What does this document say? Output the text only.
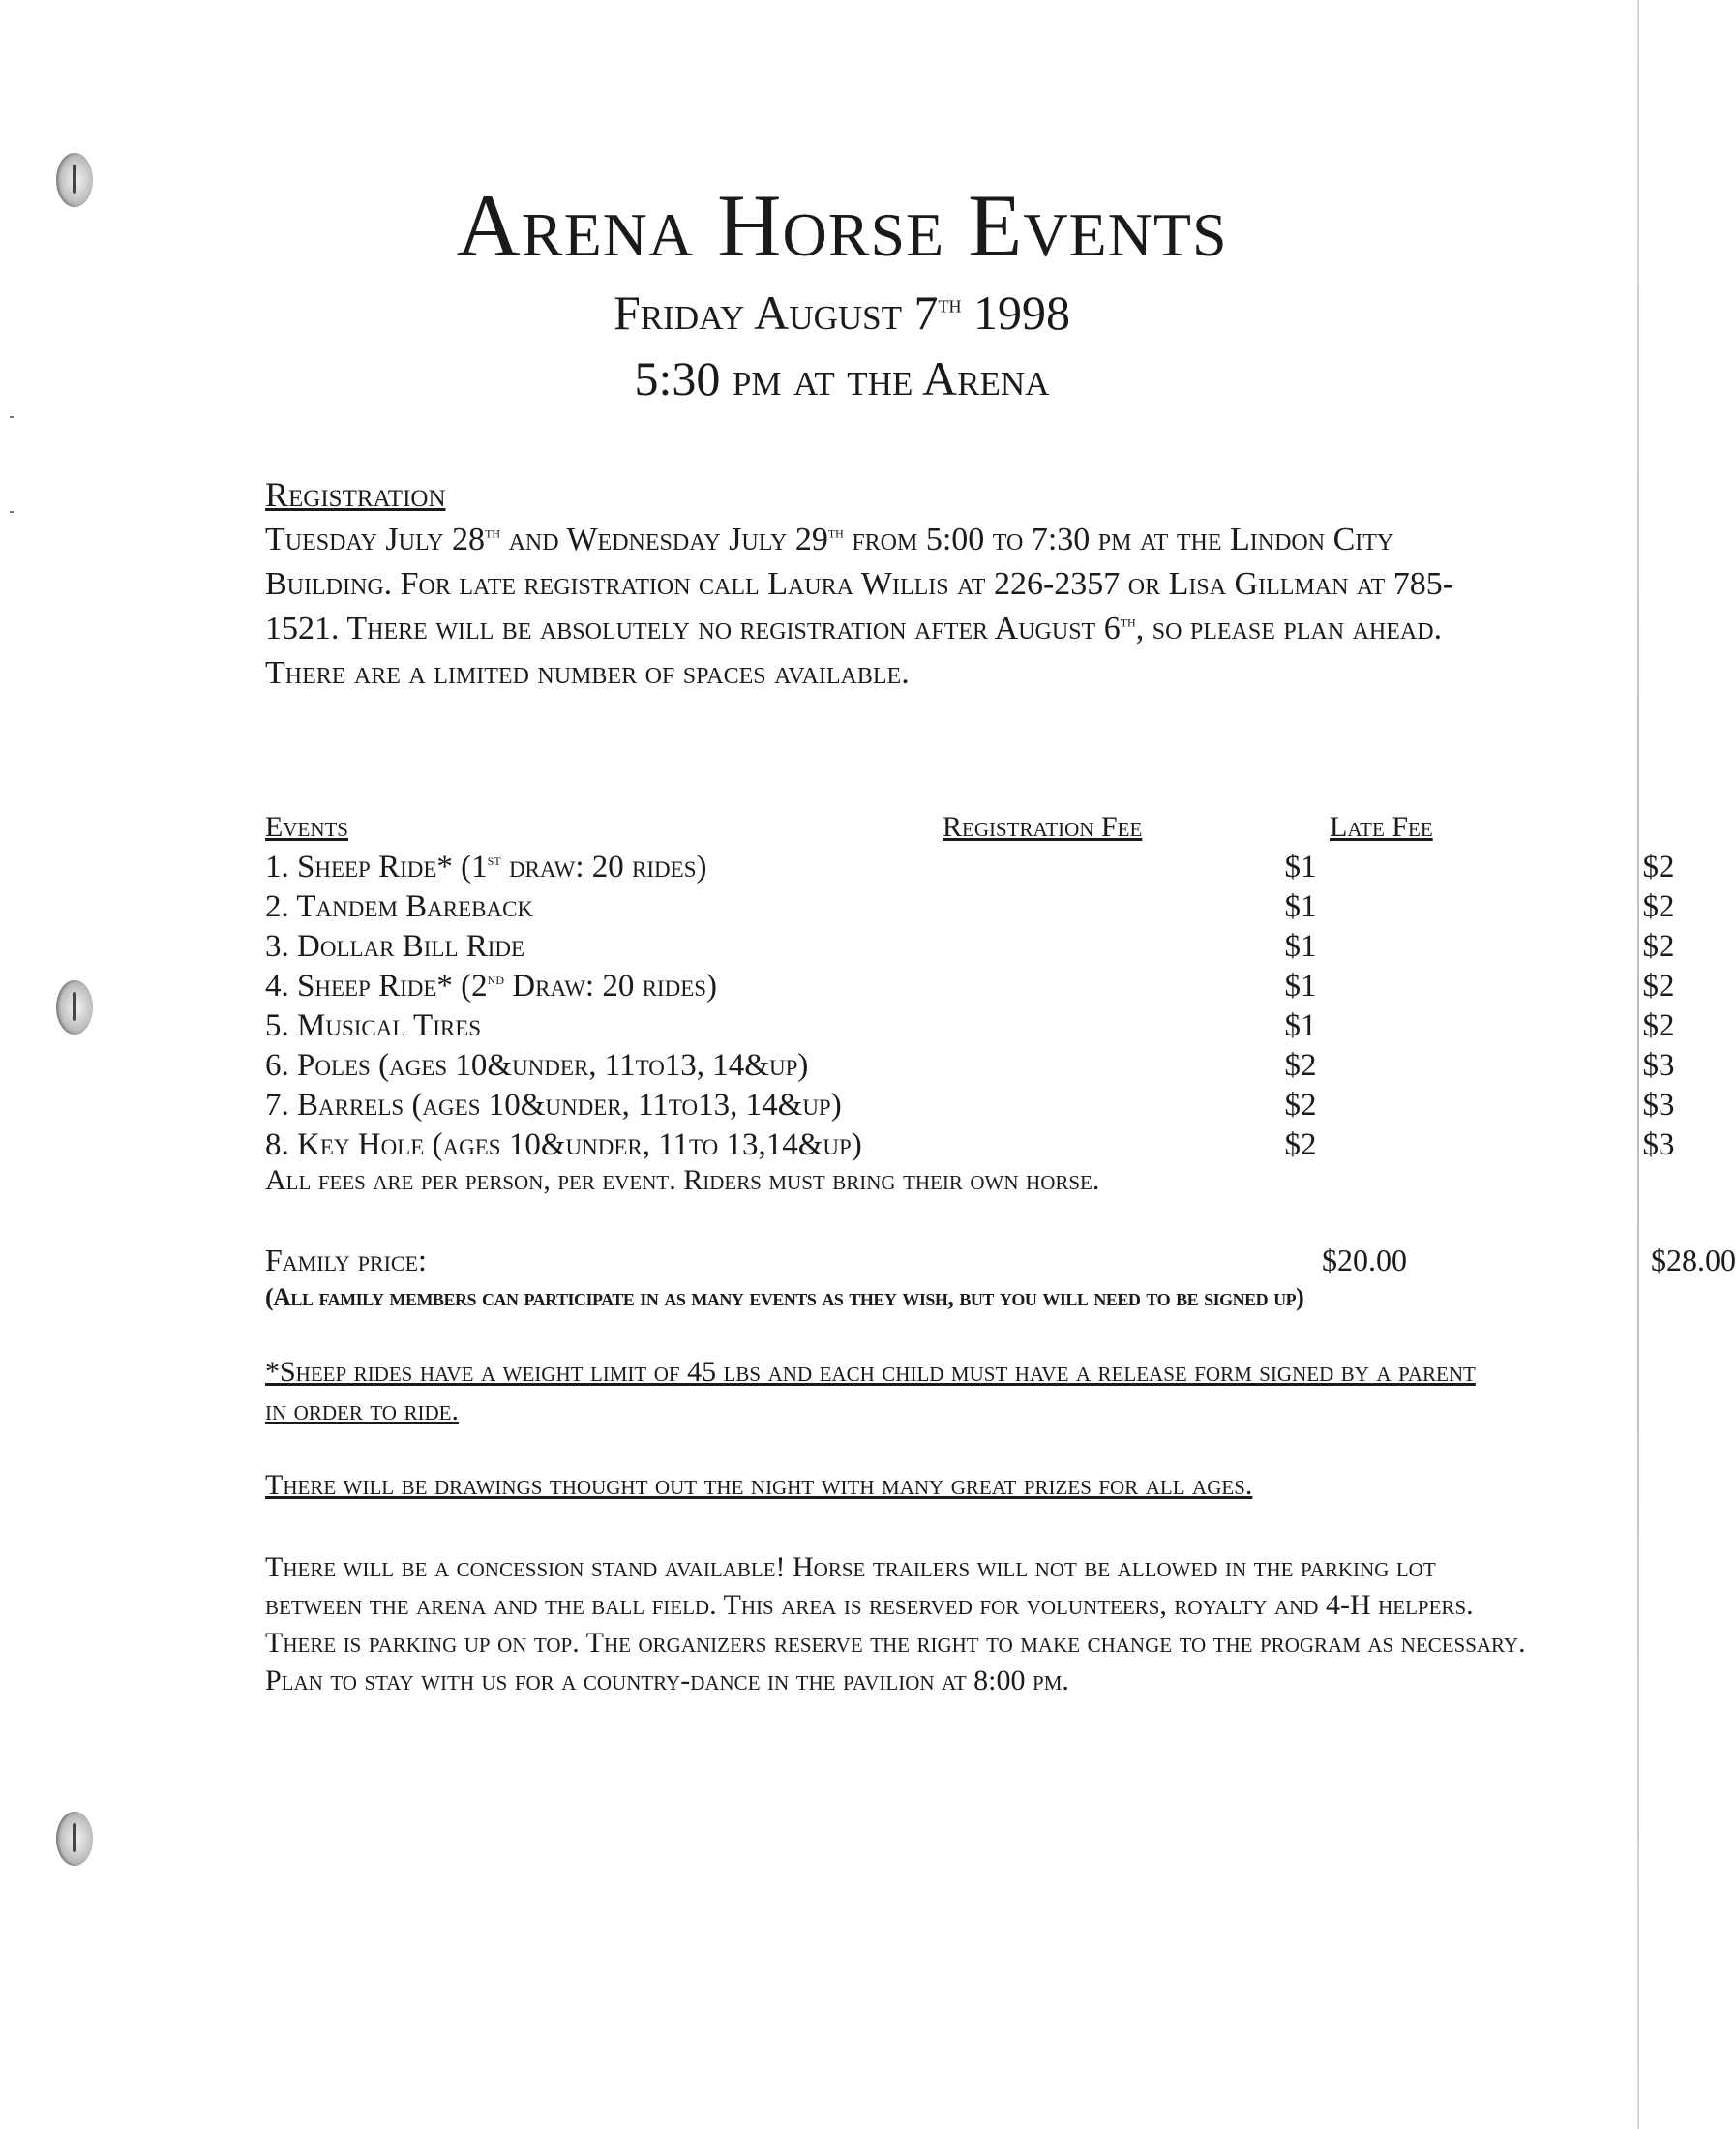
Arena Horse Events
Friday August 7th 1998
5:30 pm at the Arena
Registration
Tuesday July 28th and Wednesday July 29th from 5:00 to 7:30 pm at the Lindon City Building. For late registration call Laura Willis at 226-2357 or Lisa Gillman at 785-1521. There will be absolutely no registration after August 6th, so please plan ahead. There are a limited number of spaces available.
Events	Registration Fee	Late Fee
1. Sheep Ride* (1st draw: 20 rides)	$1	$2
2. Tandem Bareback	$1	$2
3. Dollar Bill Ride	$1	$2
4. Sheep Ride* (2nd Draw: 20 rides)	$1	$2
5. Musical Tires	$1	$2
6. Poles (ages 10&under, 11to13, 14&up)	$2	$3
7. Barrels (ages 10&under, 11to13, 14&up)	$2	$3
8. Key Hole (ages 10&under, 11to 13,14&up)	$2	$3
All fees are per person, per event. Riders must bring their own horse.
Family price:	$20.00	$28.00
(All family members can participate in as many events as they wish, but you will need to be signed up)
*Sheep rides have a weight limit of 45 lbs and each child must have a release form signed by a parent in order to ride.
There will be drawings thought out the night with many great prizes for all ages.
There will be a concession stand available! Horse trailers will not be allowed in the parking lot between the arena and the ball field. This area is reserved for volunteers, royalty and 4-H helpers. There is parking up on top. The organizers reserve the right to make change to the program as necessary. Plan to stay with us for a country-dance in the pavilion at 8:00 pm.
